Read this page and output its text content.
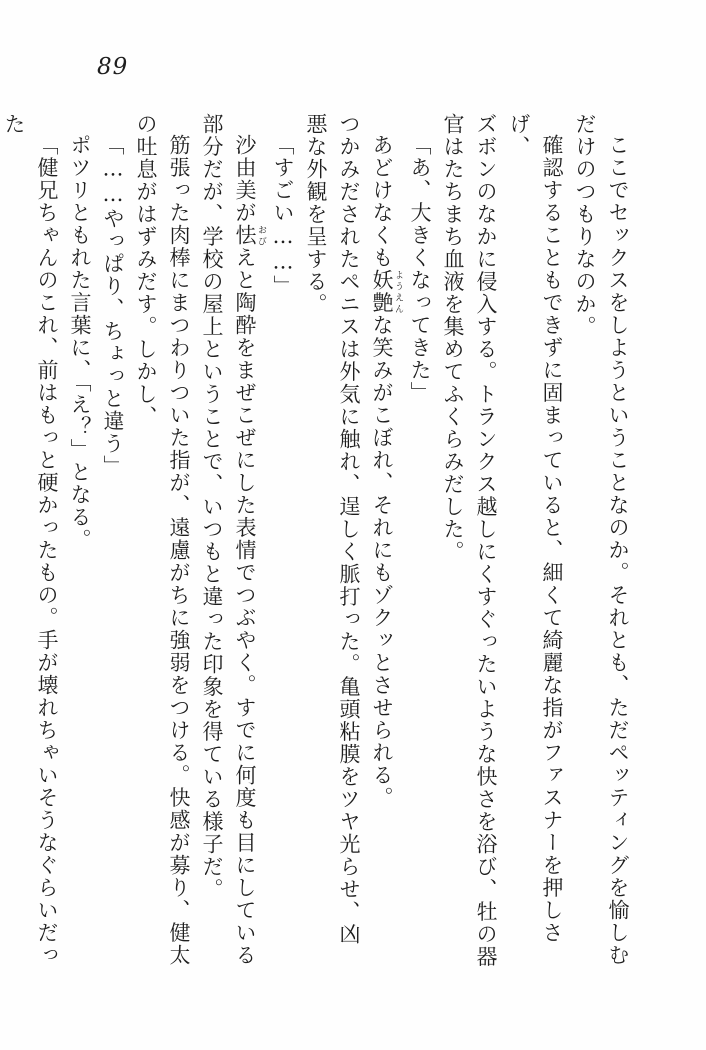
89

ここでセックスをしようということなのか。それとも、ただペッティングを愉しむ

だけのつもりなのか。

確認することもできずに固まっていると、細くて綺麗な指がファスナーを押しさげ、

ズボンのなかに侵入する。トランクス越しにくすぐったいような快さを浴び、牡の器

官はたちまち血液を集めてふくらみだした。

「あ、大きくなってきた」

あどけなくも妖艶 ようえんな笑みがこぼれ、それにもゾクッとさせられる。

つかみだされたペニスは外気に触れ、逞しく脈打った。亀頭粘膜をツヤ光らせ、凶

悪な外観を呈する。

「すごい……」

沙由美が怯 おびえと陶酔をまぜこぜにした表情でつぶやく。すでに何度も目にしている

部分だが、学校の屋上ということで、いつもと違った印象を得ている様子だ。

筋張った肉棒にまつわりついた指が、遠慮がちに強弱をつける。快感が募り、健太

の吐息がはずみだす。しかし、

「……やっぱり、ちょっと違う」

ポツリともれた言葉に、「え？」となる。

「健兄ちゃんのこれ、前はもっと硬かったもの。手が壊れちゃいそうなぐらいだった
